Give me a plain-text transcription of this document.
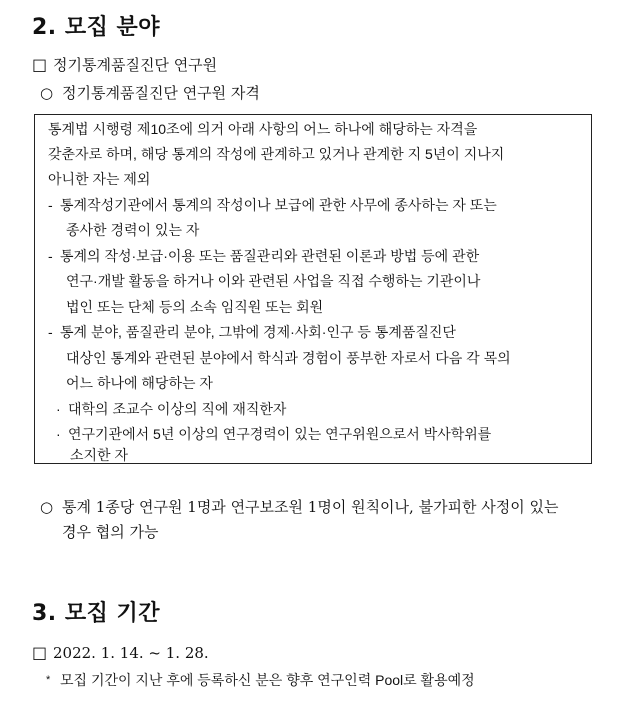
2. 모집 분야
□ 정기통계품질진단 연구원
○ 정기통계품질진단 연구원 자격
통계법 시행령 제10조에 의거 아래 사항의 어느 하나에 해당하는 자격을
갖춘자로 하며, 해당 통계의 작성에 관계하고 있거나 관계한 지 5년이 지나지
아니한 자는 제외
- 통계작성기관에서 통계의 작성이나 보급에 관한 사무에 종사하는 자 또는
종사한 경력이 있는 자
- 통계의 작성·보급·이용 또는 품질관리와 관련된 이론과 방법 등에 관한
연구·개발 활동을 하거나 이와 관련된 사업을 직접 수행하는 기관이나
법인 또는 단체 등의 소속 임직원 또는 회원
- 통계 분야, 품질관리 분야, 그밖에 경제·사회·인구 등 통계품질진단
대상인 통계와 관련된 분야에서 학식과 경험이 풍부한 자로서 다음 각 목의
어느 하나에 해당하는 자
· 대학의 조교수 이상의 직에 재직한자
· 연구기관에서 5년 이상의 연구경력이 있는 연구위원으로서 박사학위를
소지한 자
○ 통계 1종당 연구원 1명과 연구보조원 1명이 원칙이나, 불가피한 사정이 있는
경우 협의 가능
3. 모집 기간
□ 2022. 1. 14. ~ 1. 28.
* 모집 기간이 지난 후에 등록하신 분은 향후 연구인력 Pool로 활용예정
